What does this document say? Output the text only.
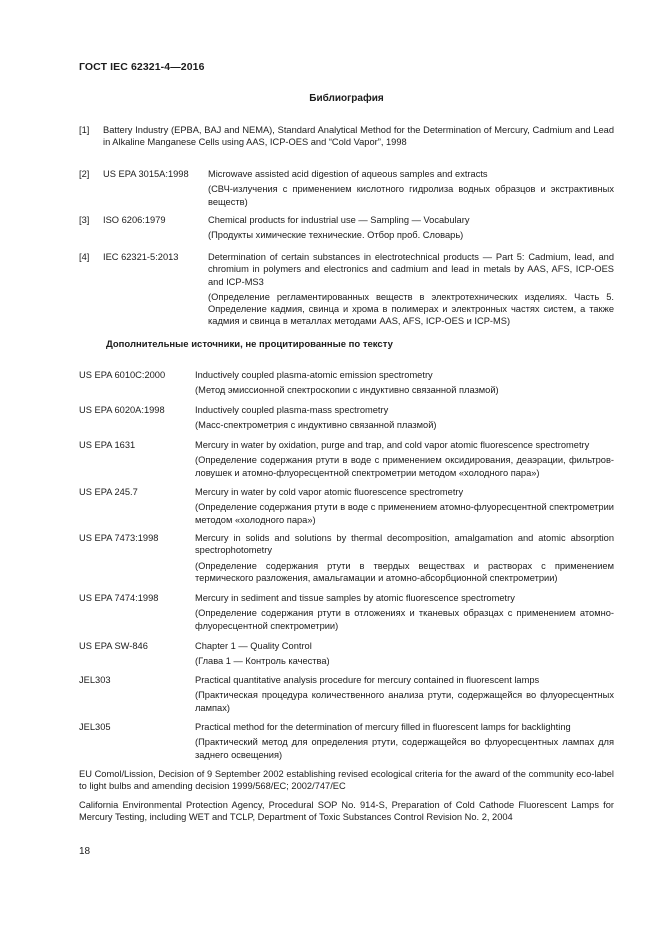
ГОСТ IEC 62321-4—2016
Библиография
[1] Battery Industry (EPBA, BAJ and NEMA), Standard Analytical Method for the Determination of Mercury, Cadmium and Lead in Alkaline Manganese Cells using AAS, ICP-OES and “Cold Vapor”, 1998
[2] US EPA 3015A:1998 Microwave assisted acid digestion of aqueous samples and extracts
(СВЧ-излучения с применением кислотного гидролиза водных образцов и экстрактивных веществ)
[3] ISO 6206:1979	Chemical products for industrial use — Sampling — Vocabulary
(Продукты химические технические. Отбор проб. Словарь)
[4] IEC 62321-5:2013	Determination of certain substances in electrotechnical products — Part 5: Cadmium, lead, and chromium in polymers and electronics and cadmium and lead in metals by AAS, AFS, ICP-OES and ICP-MS3
(Определение регламентированных веществ в электротехнических изделиях. Часть 5. Определение кадмия, свинца и хрома в полимерах и электронных частях систем, а также кадмия и свинца в металлах методами AAS, AFS, ICP-OES и ICP-MS)
Дополнительные источники, не процитированные по тексту
US EPA 6010C:2000	Inductively coupled plasma-atomic emission spectrometry
(Метод эмиссионной спектроскопии с индуктивно связанной плазмой)
US EPA 6020A:1998	Inductively coupled plasma-mass spectrometry
(Масс-спектрометрия с индуктивно связанной плазмой)
US EPA 1631	Mercury in water by oxidation, purge and trap, and cold vapor atomic fluorescence spectrometry
(Определение содержания ртути в воде с применением оксидирования, деаэрации, фильтров-ловушек и атомно-флуоресцентной спектрометрии методом «холодного пара»)
US EPA 245.7	Mercury in water by cold vapor atomic fluorescence spectrometry
(Определение содержания ртути в воде с применением атомно-флуоресцентной спектрометрии методом «холодного пара»)
US EPA 7473:1998	Mercury in solids and solutions by thermal decomposition, amalgamation and atomic absorption spectrophotometry
(Определение содержания ртути в твердых веществах и растворах с применением термического разложения, амальгамации и атомно-абсорбционной спектрометрии)
US EPA 7474:1998	Mercury in sediment and tissue samples by atomic fluorescence spectrometry
(Определение содержания ртути в отложениях и тканевых образцах с применением атомно-флуоресцентной спектрометрии)
US EPA SW-846	Chapter 1 — Quality Control
(Глава 1 — Контроль качества)
JEL303	Practical quantitative analysis procedure for mercury contained in fluorescent lamps
(Практическая процедура количественного анализа ртути, содержащейся во флуоресцентных лампах)
JEL305	Practical method for the determination of mercury filled in fluorescent lamps for backlighting
(Практический метод для определения ртути, содержащейся во флуоресцентных лампах для заднего освещения)
EU Comol/Lission, Decision of 9 September 2002 establishing revised ecological criteria for the award of the community eco-label to light bulbs and amending decision 1999/568/EC; 2002/747/EC
California Environmental Protection Agency, Procedural SOP No. 914-S, Preparation of Cold Cathode Fluorescent Lamps for Mercury Testing, including WET and TCLP, Department of Toxic Substances Control Revision No. 2, 2004
18
